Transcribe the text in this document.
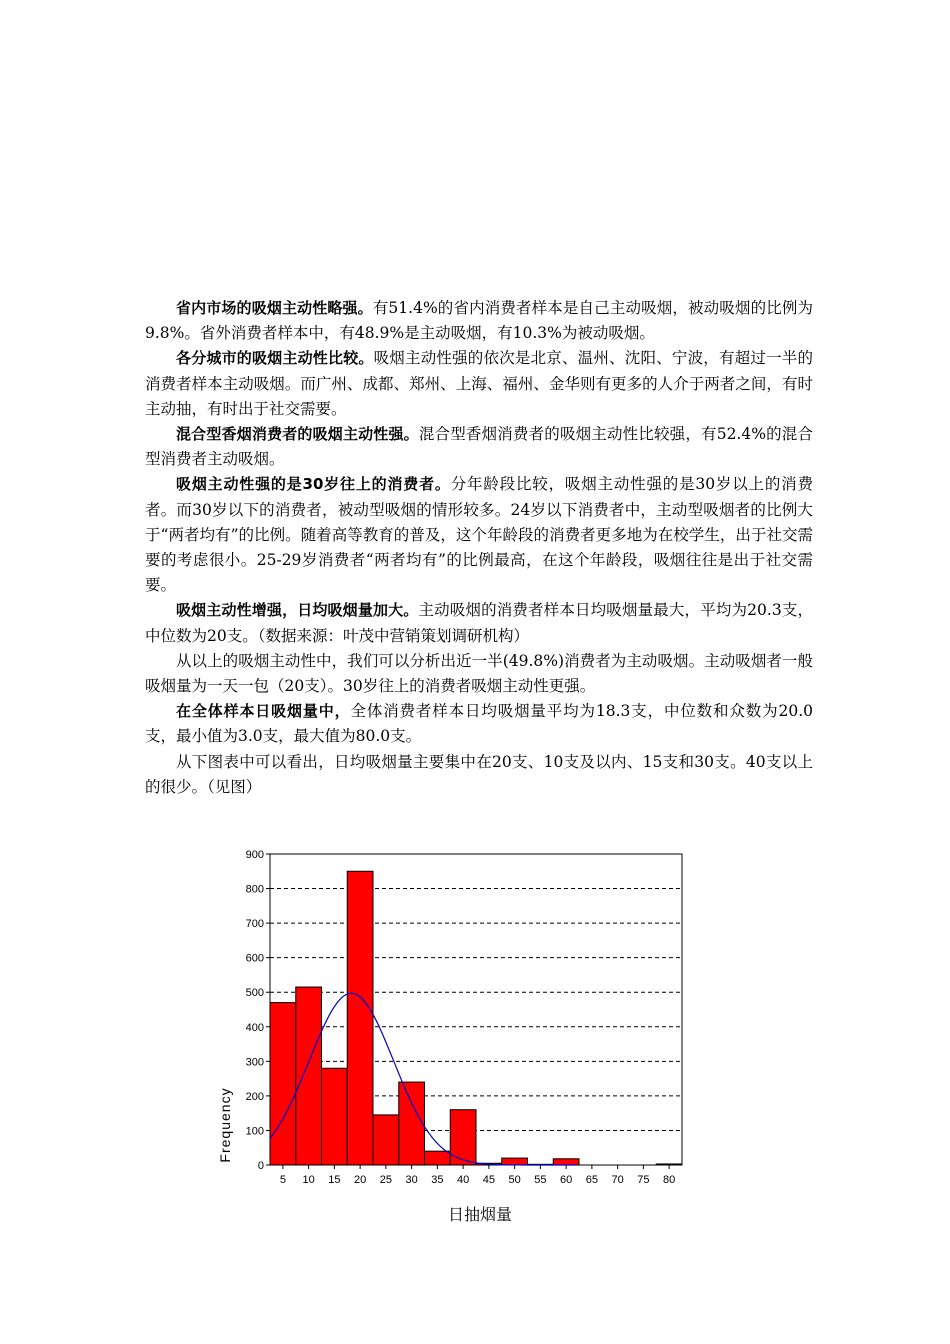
省内市场的吸烟主动性略强。有51.4%的省内消费者样本是自己主动吸烟，被动吸烟的比例为9.8%。省外消费者样本中，有48.9%是主动吸烟，有10.3%为被动吸烟。

各分城市的吸烟主动性比较。吸烟主动性强的依次是北京、温州、沈阳、宁波，有超过一半的消费者样本主动吸烟。而广州、成都、郑州、上海、福州、金华则有更多的人介于两者之间，有时主动抽，有时出于社交需要。

混合型香烟消费者的吸烟主动性强。混合型香烟消费者的吸烟主动性比较强，有52.4%的混合型消费者主动吸烟。

吸烟主动性强的是30岁往上的消费者。分年龄段比较，吸烟主动性强的是30岁以上的消费者。而30岁以下的消费者，被动型吸烟的情形较多。24岁以下消费者中，主动型吸烟者的比例大于“两者均有”的比例。随着高等教育的普及，这个年龄段的消费者更多地为在校学生，出于社交需要的考虑很小。25-29岁消费者“两者均有”的比例最高，在这个年龄段，吸烟往往是出于社交需要。

吸烟主动性增强，日均吸烟量加大。主动吸烟的消费者样本日均吸烟量最大，平均为20.3支，中位数为20支。（数据来源：叶茂中营销策划调研机构）

从以上的吸烟主动性中，我们可以分析出近一半(49.8%)消费者为主动吸烟。主动吸烟者一般吸烟量为一天一包（20支）。30岁往上的消费者吸烟主动性更强。

在全体样本日吸烟量中，全体消费者样本日均吸烟量平均为18.3支，中位数和众数为20.0支，最小值为3.0支，最大值为80.0支。

从下图表中可以看出，日均吸烟量主要集中在20支、10支及以内、15支和30支。40支以上的很少。（见图）

0
100
200
300
400
500
600
700
800
900
5 10 15 20 25 30 35 40 45 50 55 60 65 70 75 80
Frequency
日抽烟量
